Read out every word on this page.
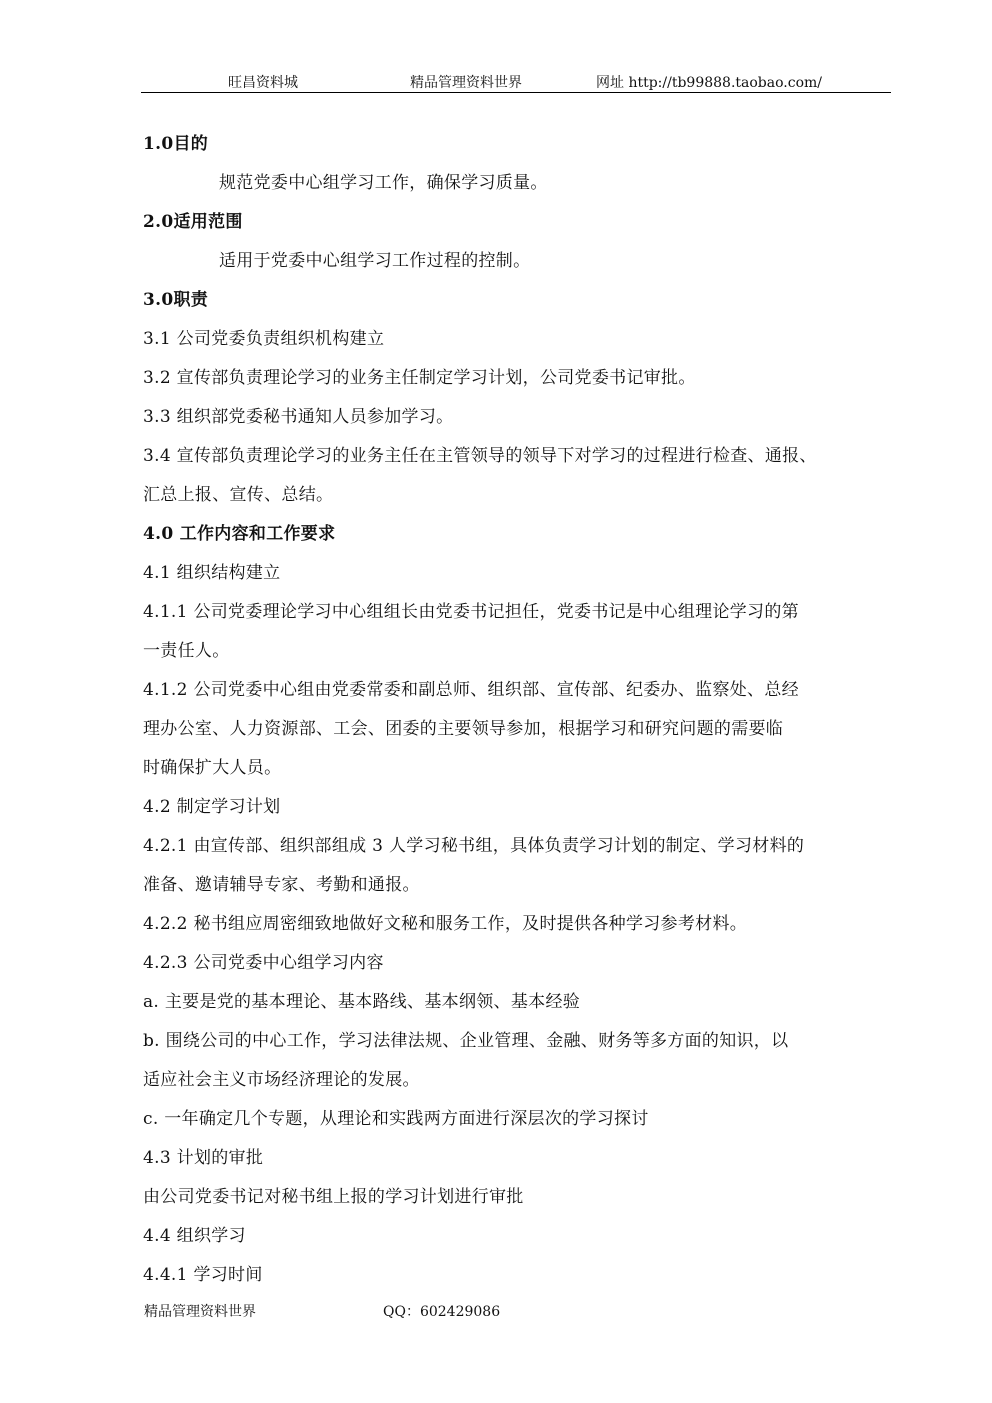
旺昌资料城	精品管理资料世界	网址 http://tb99888.taobao.com/
1.0目的
规范党委中心组学习工作，确保学习质量。
2.0适用范围
适用于党委中心组学习工作过程的控制。
3.0职责
3.1 公司党委负责组织机构建立
3.2 宣传部负责理论学习的业务主任制定学习计划，公司党委书记审批。
3.3 组织部党委秘书通知人员参加学习。
3.4 宣传部负责理论学习的业务主任在主管领导的领导下对学习的过程进行检查、通报、
汇总上报、宣传、总结。
4.0 工作内容和工作要求
4.1 组织结构建立
4.1.1 公司党委理论学习中心组组长由党委书记担任，党委书记是中心组理论学习的第
一责任人。
4.1.2 公司党委中心组由党委常委和副总师、组织部、宣传部、纪委办、监察处、总经
理办公室、人力资源部、工会、团委的主要领导参加，根据学习和研究问题的需要临
时确保扩大人员。
4.2 制定学习计划
4.2.1 由宣传部、组织部组成 3 人学习秘书组，具体负责学习计划的制定、学习材料的
准备、邀请辅导专家、考勤和通报。
4.2.2 秘书组应周密细致地做好文秘和服务工作，及时提供各种学习参考材料。
4.2.3 公司党委中心组学习内容
a. 主要是党的基本理论、基本路线、基本纲领、基本经验
b. 围绕公司的中心工作，学习法律法规、企业管理、金融、财务等多方面的知识，以
适应社会主义市场经济理论的发展。
c. 一年确定几个专题，从理论和实践两方面进行深层次的学习探讨
4.3 计划的审批
由公司党委书记对秘书组上报的学习计划进行审批
4.4 组织学习
4.4.1 学习时间
精品管理资料世界	QQ：602429086
